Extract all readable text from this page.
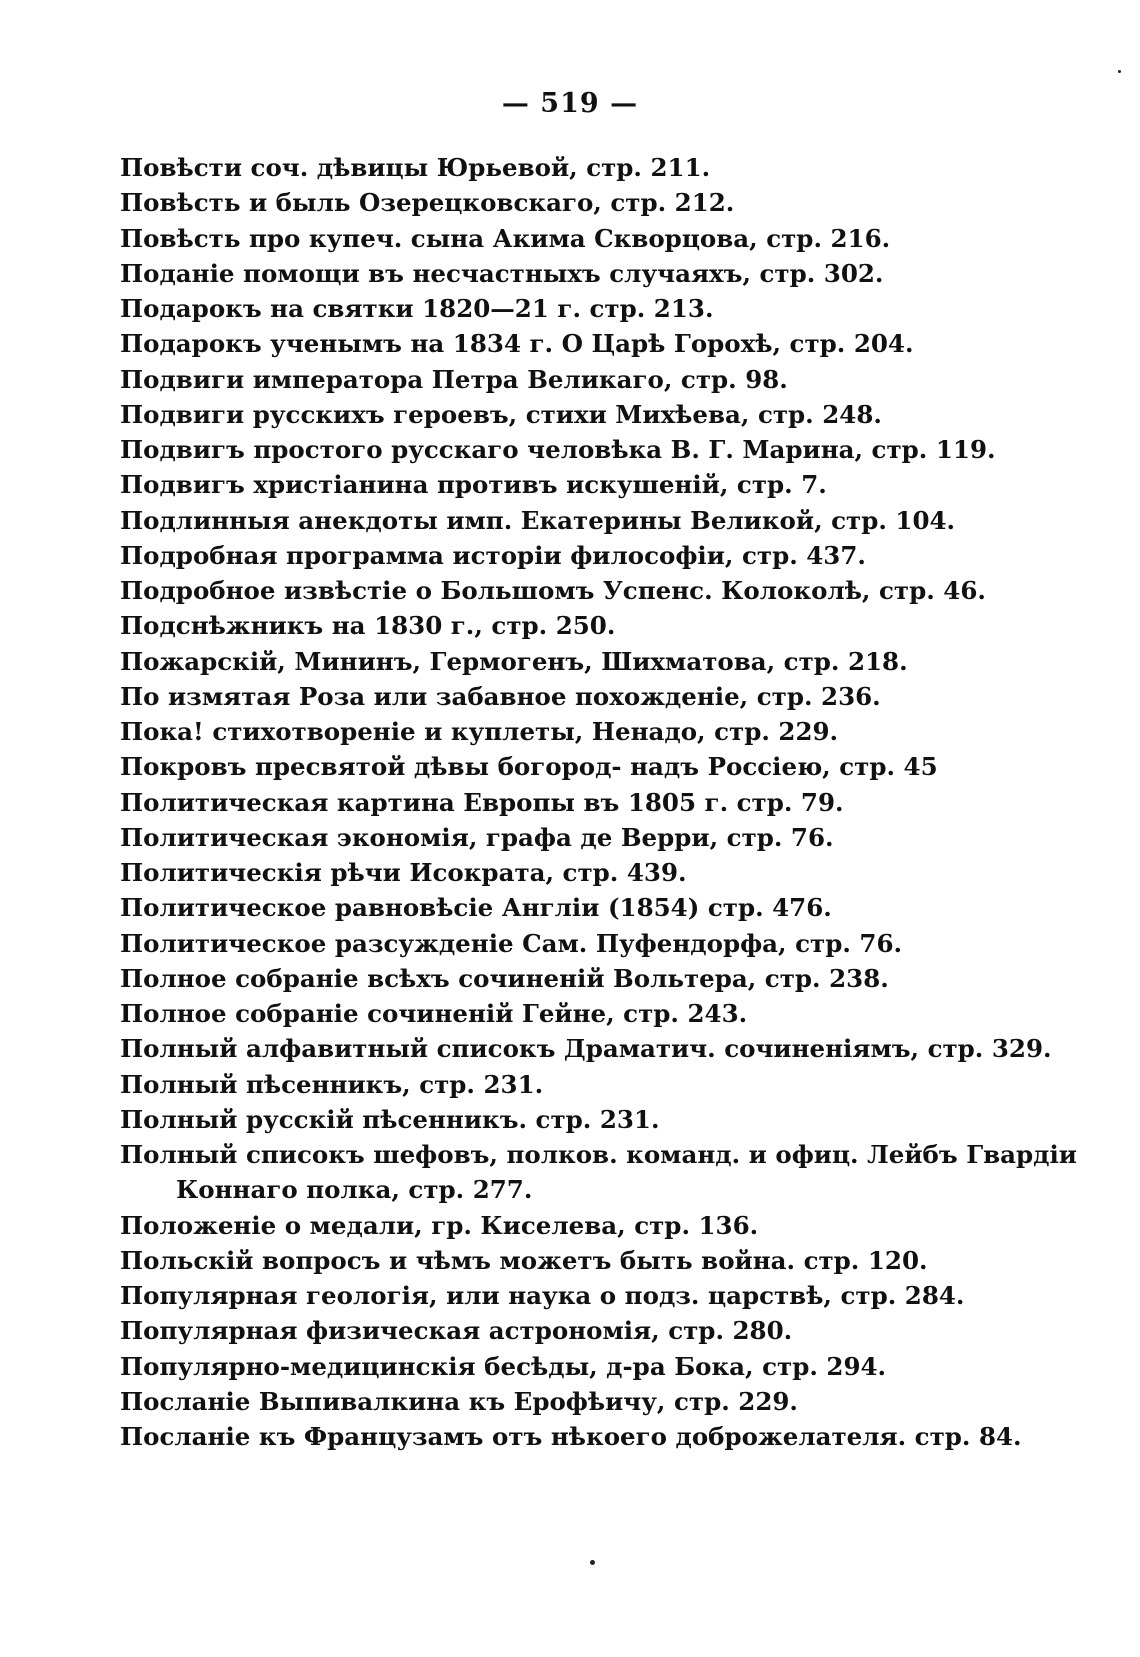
— 519 —
Повѣсти соч. дѣвицы Юрьевой, стр. 211.
Повѣсть и быль Озерецковскаго, стр. 212.
Повѣсть про купеч. сына Акима Скворцова, стр. 216.
Поданіе помощи въ несчастныхъ случаяхъ, стр. 302.
Подарокъ на святки 1820—21 г. стр. 213.
Подарокъ ученымъ на 1834 г. О Царѣ Горохѣ, стр. 204.
Подвиги императора Петра Великаго, стр. 98.
Подвиги русскихъ героевъ, стихи Михѣева, стр. 248.
Подвигъ простого русскаго человѣка В. Г. Марина, стр. 119.
Подвигъ христіанина противъ искушеній, стр. 7.
Подлинныя анекдоты имп. Екатерины Великой, стр. 104.
Подробная программа исторіи философіи, стр. 437.
Подробное извѣстіе о Большомъ Успенс. Колоколѣ, стр. 46.
Подснѣжникъ на 1830 г., стр. 250.
Пожарскій, Мининъ, Гермогенъ, Шихматова, стр. 218.
По измятая Роза или забавное похожденіе, стр. 236.
Пока! стихотвореніе и куплеты, Ненадо, стр. 229.
Покровъ пресвятой дѣвы богород- надъ Россіею, стр. 45
Политическая картина Европы въ 1805 г. стр. 79.
Политическая экономія, графа де Верри, стр. 76.
Политическія рѣчи Исократа, стр. 439.
Политическое равновѣсіе Англіи (1854) стр. 476.
Политическое разсужденіе Сам. Пуфендорфа, стр. 76.
Полное собраніе всѣхъ сочиненій Вольтера, стр. 238.
Полное собраніе сочиненій Гейне, стр. 243.
Полный алфавитный списокъ Драматич. сочиненіямъ, стр. 329.
Полный пѣсенникъ, стр. 231.
Полный русскій пѣсенникъ. стр. 231.
Полный списокъ шефовъ, полков. команд. и офиц. Лейбъ Гвардіи
Коннаго полка, стр. 277.
Положеніе о медали, гр. Киселева, стр. 136.
Польскій вопросъ и чѣмъ можетъ быть война. стр. 120.
Популярная геологія, или наука о подз. царствѣ, стр. 284.
Популярная физическая астрономія, стр. 280.
Популярно-медицинскія бесѣды, д-ра Бока, стр. 294.
Посланіе Выпивалкина къ Ерофѣичу, стр. 229.
Посланіе къ Французамъ отъ нѣкоего доброжелателя. стр. 84.
